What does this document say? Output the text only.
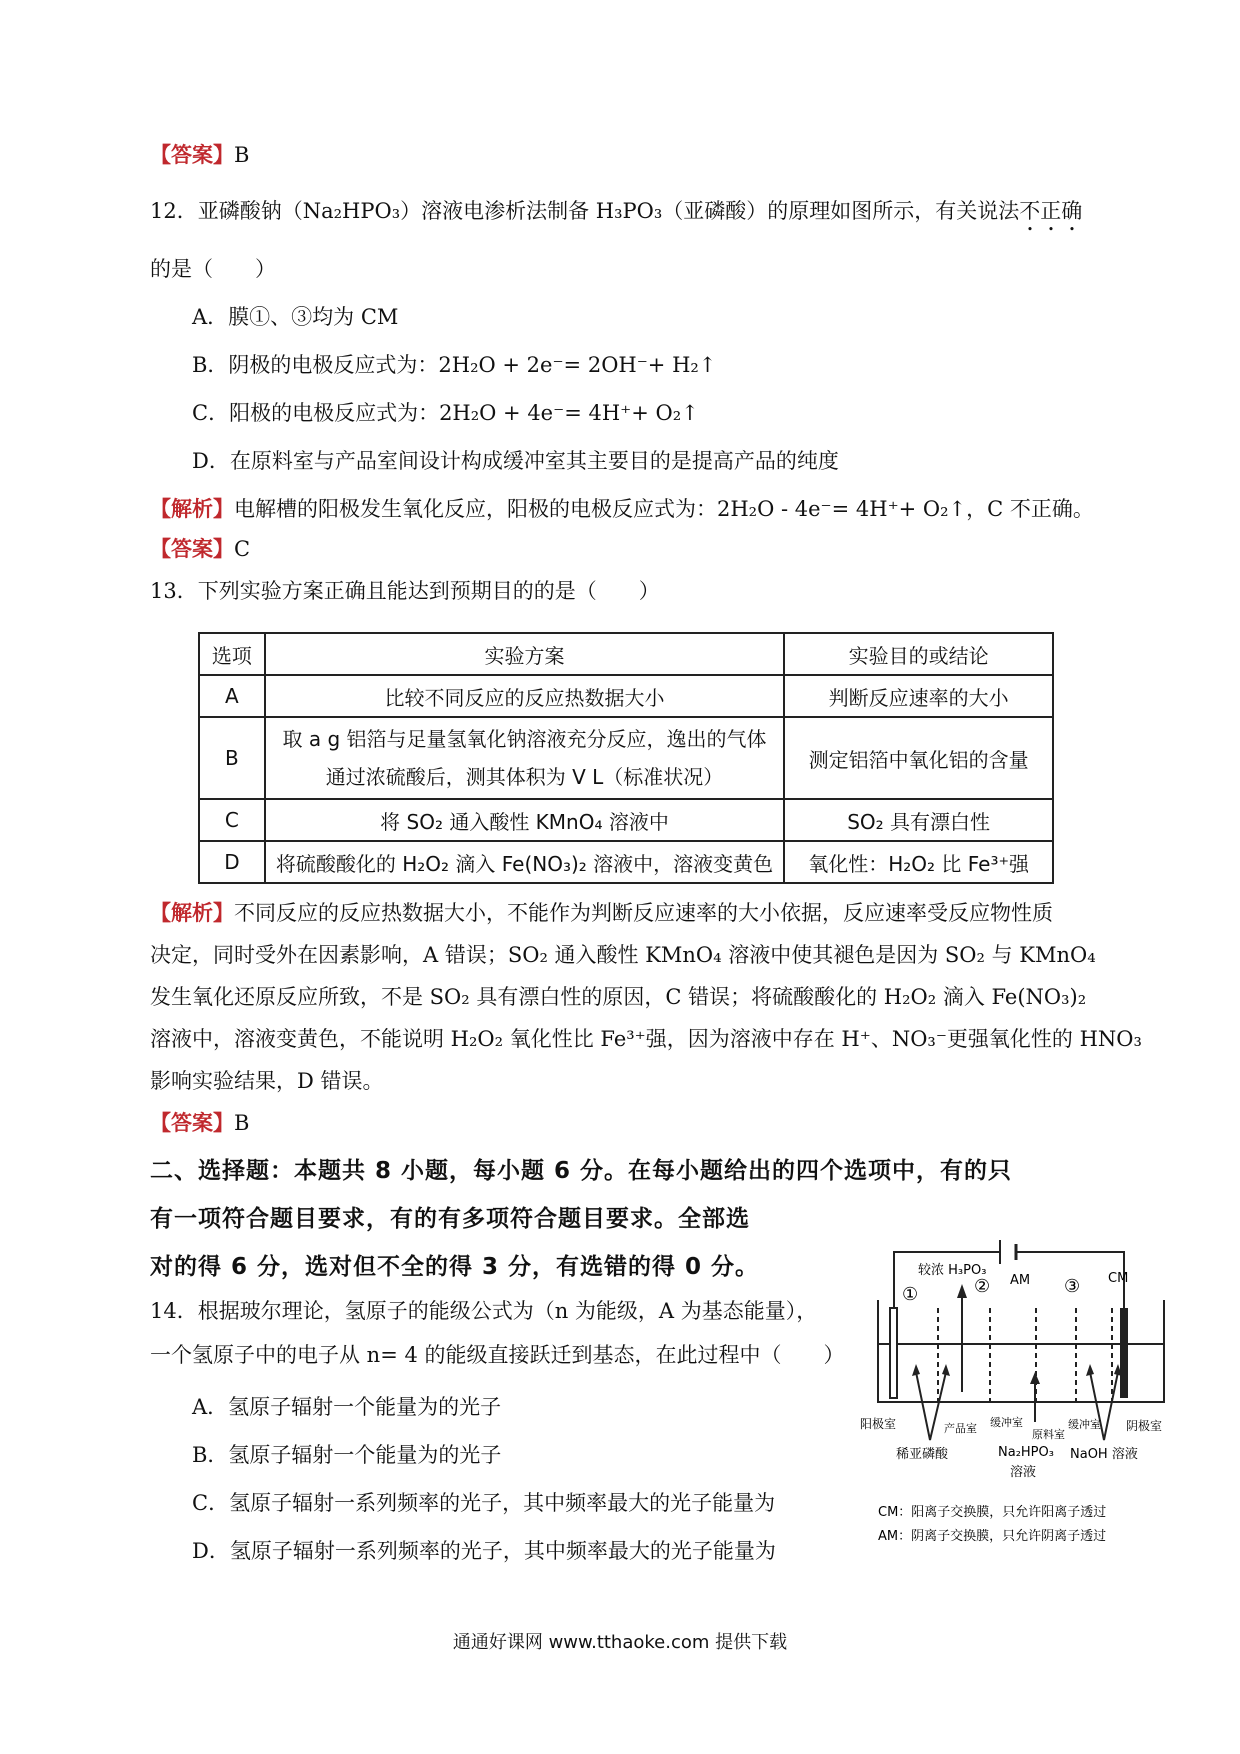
【答案】B
12．亚磷酸钠（Na₂HPO₃）溶液电渗析法制备 H₃PO₃（亚磷酸）的原理如图所示，有关说法不正确
的是（　　）
A．膜①、③均为 CM
B．阴极的电极反应式为：2H₂O + 2e⁻= 2OH⁻+ H₂↑
C．阳极的电极反应式为：2H₂O + 4e⁻= 4H⁺+ O₂↑
D．在原料室与产品室间设计构成缓冲室其主要目的是提高产品的纯度
【解析】电解槽的阳极发生氧化反应，阳极的电极反应式为：2H₂O - 4e⁻= 4H⁺+ O₂↑，C 不正确。
【答案】C
13．下列实验方案正确且能达到预期目的的是（　　）
选项	实验方案	实验目的或结论
A	比较不同反应的反应热数据大小	判断反应速率的大小
B	取 a g 铝箔与足量氢氧化钠溶液充分反应，逸出的气体
通过浓硫酸后，测其体积为 V L（标准状况）	测定铝箔中氧化铝的含量
C	将 SO₂ 通入酸性 KMnO₄ 溶液中	SO₂ 具有漂白性
D	将硫酸酸化的 H₂O₂ 滴入 Fe(NO₃)₂ 溶液中，溶液变黄色	氧化性：H₂O₂ 比 Fe³⁺强
【解析】不同反应的反应热数据大小，不能作为判断反应速率的大小依据，反应速率受反应物性质
决定，同时受外在因素影响，A 错误；SO₂ 通入酸性 KMnO₄ 溶液中使其褪色是因为 SO₂ 与 KMnO₄
发生氧化还原反应所致，不是 SO₂ 具有漂白性的原因，C 错误；将硫酸酸化的 H₂O₂ 滴入 Fe(NO₃)₂
溶液中，溶液变黄色，不能说明 H₂O₂ 氧化性比 Fe³⁺强，因为溶液中存在 H⁺、NO₃⁻更强氧化性的 HNO₃
影响实验结果，D 错误。
【答案】B
二、选择题：本题共 8 小题，每小题 6 分。在每小题给出的四个选项中，有的只
有一项符合题目要求，有的有多项符合题目要求。全部选
对的得 6 分，选对但不全的得 3 分，有选错的得 0 分。
14．根据玻尔理论，氢原子的能级公式为（n 为能级，A 为基态能量），
一个氢原子中的电子从 n= 4 的能级直接跃迁到基态，在此过程中（　　）
A．氢原子辐射一个能量为的光子
B．氢原子辐射一个能量为的光子
C．氢原子辐射一系列频率的光子，其中频率最大的光子能量为
D．氢原子辐射一系列频率的光子，其中频率最大的光子能量为
较浓 H₃PO₃
①	② AM ③ CM
阳极室	产品室 缓冲室
原料室
缓冲室 阴极室
稀亚磷酸	Na₂HPO₃
溶液
NaOH 溶液
CM：阳离子交换膜，只允许阳离子透过
AM：阴离子交换膜，只允许阴离子透过
通通好课网 www.tthaoke.com 提供下载
